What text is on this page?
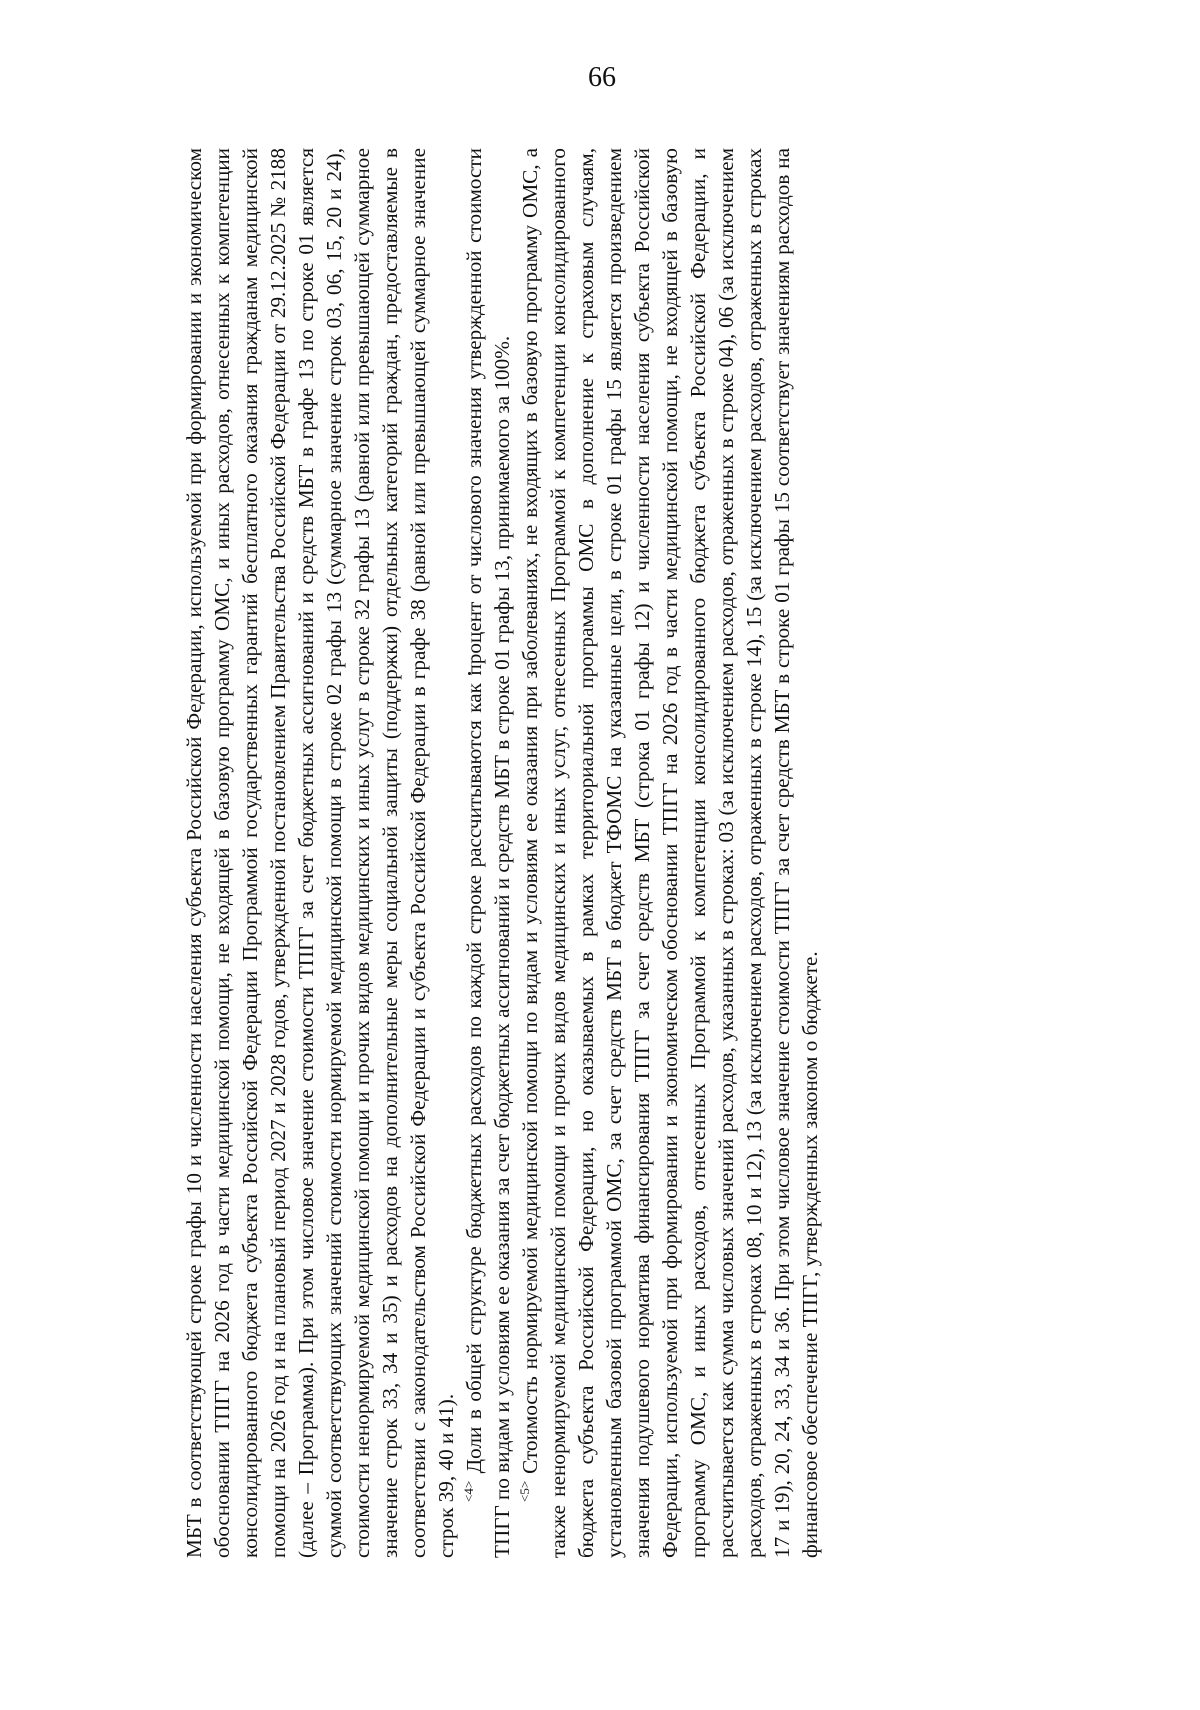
66

МБТ в соответствующей строке графы 10 и численности населения субъекта Российской Федерации, используемой при формировании и экономическом обосновании ТПГГ на 2026 год в части медицинской помощи, не входящей в базовую программу ОМС, и иных расходов, отнесенных к компетенции консолидированного бюджета субъекта Российской Федерации Программой государственных гарантий бесплатного оказания гражданам медицинской помощи на 2026 год и на плановый период 2027 и 2028 годов, утвержденной постановлением Правительства Российской Федерации от 29.12.2025 № 2188 (далее – Программа). При этом числовое значение стоимости ТПГГ за счет бюджетных ассигнований и средств МБТ в графе 13 по строке 01 является суммой соответствующих значений стоимости нормируемой медицинской помощи в строке 02 графы 13 (суммарное значение строк 03, 06, 15, 20 и 24), стоимости ненормируемой медицинской помощи и прочих видов медицинских и иных услуг в строке 32 графы 13 (равной или превышающей суммарное значение строк 33, 34 и 35) и расходов на дополнительные меры социальной защиты (поддержки) отдельных категорий граждан, предоставляемые в соответствии с законодательством Российской Федерации и субъекта Российской Федерации в графе 38 (равной или превышающей суммарное значение строк 39, 40 и 41). $^{<4>}$ Доли в общей структуре бюджетных расходов по каждой строке рассчитываются как процент от числового значения утвержденной стоимости ТПГГ по видам и условиям ее оказания за счет бюджетных ассигнований и средств МБТ в строке 01 графы 13, принимаемого за 100%. $^{<5>}$ Стоимость нормируемой медицинской помощи по видам и условиям ее оказания при заболеваниях, не входящих в базовую программу ОМС, а также ненормируемой медицинской помощи и прочих видов медицинских и иных услуг, отнесенных Программой к компетенции консолидированного бюджета субъекта Российской Федерации, но оказываемых в рамках территориальной программы ОМС в дополнение к страховым случаям, установленным базовой программой ОМС, за счет средств МБТ в бюджет ТФОМС на указанные цели, в строке 01 графы 15 является произведением значения подушевого норматива финансирования ТПГГ за счет средств МБТ (строка 01 графы 12) и численности населения субъекта Российской Федерации, используемой при формировании и экономическом обосновании ТПГГ на 2026 год в части медицинской помощи, не входящей в базовую программу ОМС, и иных расходов, отнесенных Программой к компетенции консолидированного бюджета субъекта Российской Федерации, и рассчитывается как сумма числовых значений расходов, указанных в строках: 03 (за исключением расходов, отраженных в строке 04), 06 (за исключением расходов, отраженных в строках 08, 10 и 12), 13 (за исключением расходов, отраженных в строке 14), 15 (за исключением расходов, отраженных в строках 17 и 19), 20, 24, 33, 34 и 36. При этом числовое значение стоимости ТПГГ за счет средств МБТ в строке 01 графы 15 соответствует значениям расходов на финансовое обеспечение ТПГГ, утвержденных законом о бюджете.
